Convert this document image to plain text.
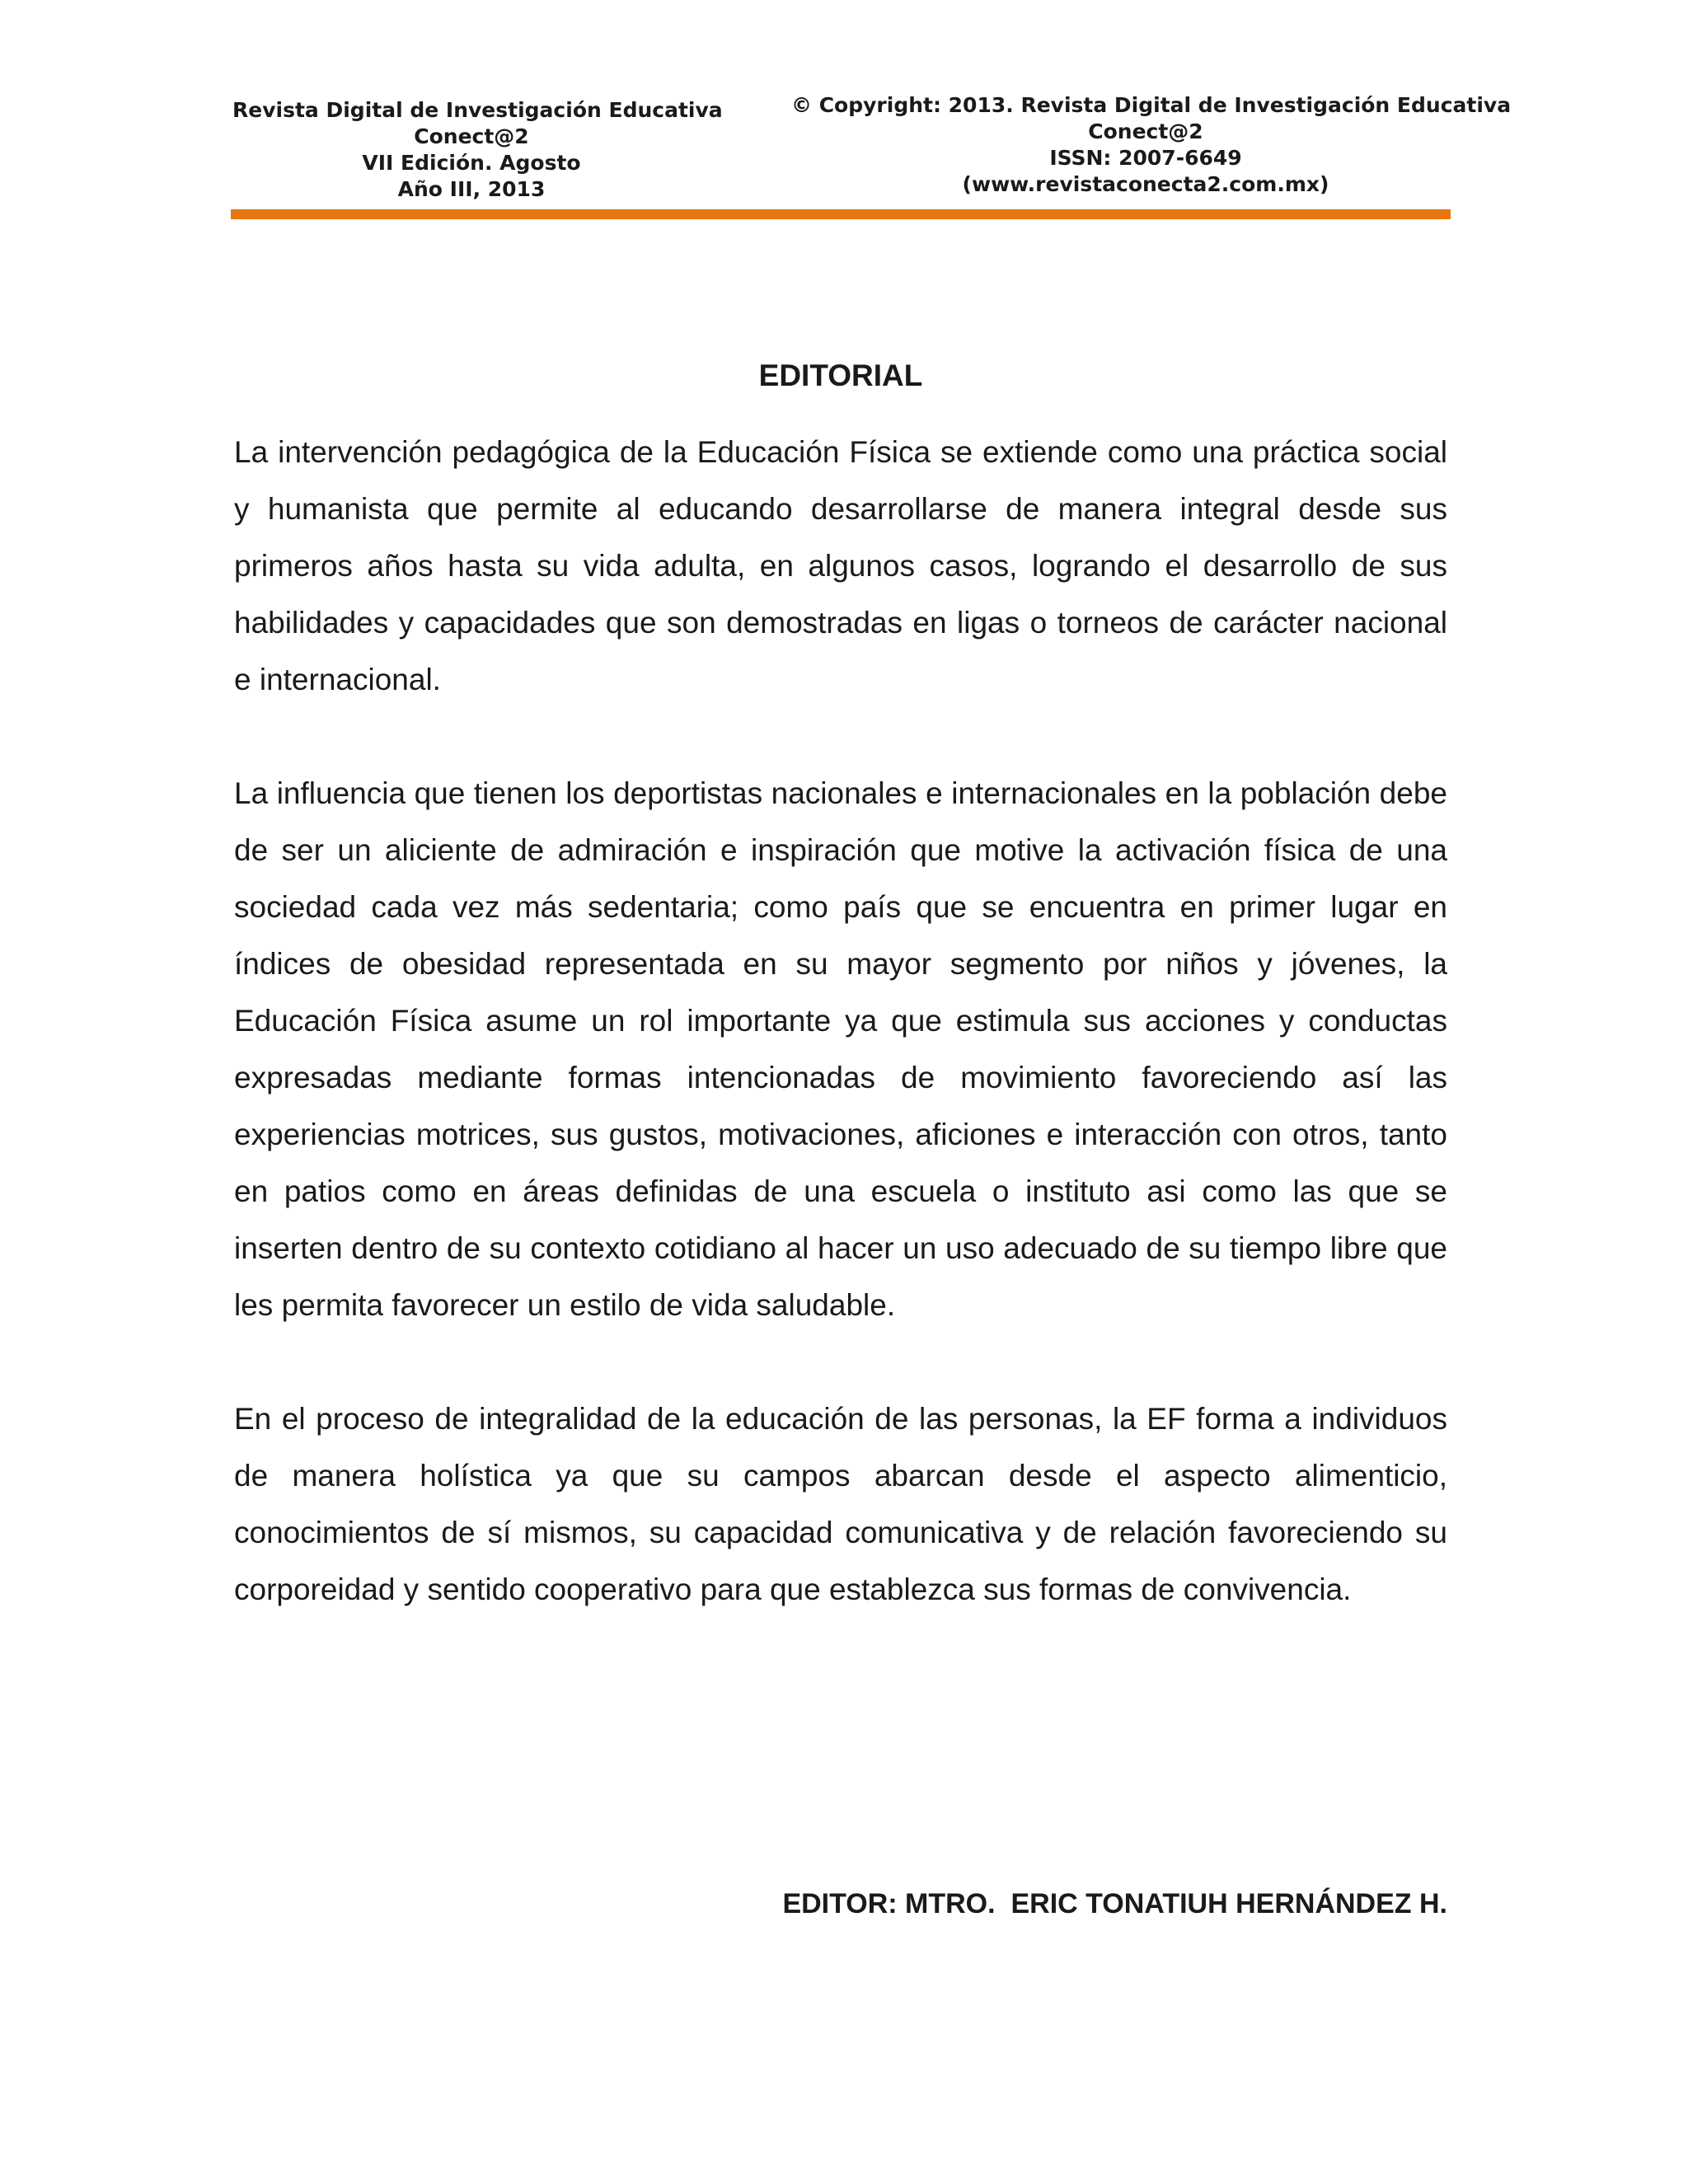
Revista Digital de Investigación Educativa
Conect@2
VII Edición. Agosto
Año III, 2013
© Copyright: 2013. Revista Digital de Investigación Educativa
Conect@2
ISSN: 2007-6649
(www.revistaconecta2.com.mx)
EDITORIAL

La intervención pedagógica de la Educación Física se extiende como una práctica social y humanista que permite al educando desarrollarse de manera integral desde sus primeros años hasta su vida adulta, en algunos casos, logrando el desarrollo de sus habilidades y capacidades que son demostradas en ligas o torneos de carácter nacional e internacional.

La influencia que tienen los deportistas nacionales e internacionales en la población debe de ser un aliciente de admiración e inspiración que motive la activación física de una sociedad cada vez más sedentaria; como país que se encuentra en primer lugar en índices de obesidad representada en su mayor segmento por niños y jóvenes, la Educación Física asume un rol importante ya que estimula sus acciones y conductas expresadas mediante formas intencionadas de movimiento favoreciendo así las experiencias motrices, sus gustos, motivaciones, aficiones e interacción con otros, tanto en patios como en áreas definidas de una escuela o instituto asi como las que se inserten dentro de su contexto cotidiano al hacer un uso adecuado de su tiempo libre que les permita favorecer un estilo de vida saludable.

En el proceso de integralidad de la educación de las personas, la EF forma a individuos de manera holística ya que su campos abarcan desde el aspecto alimenticio, conocimientos de sí mismos, su capacidad comunicativa y de relación favoreciendo su corporeidad y sentido cooperativo para que establezca sus formas de convivencia.

EDITOR: MTRO.  ERIC TONATIUH HERNÁNDEZ H.
